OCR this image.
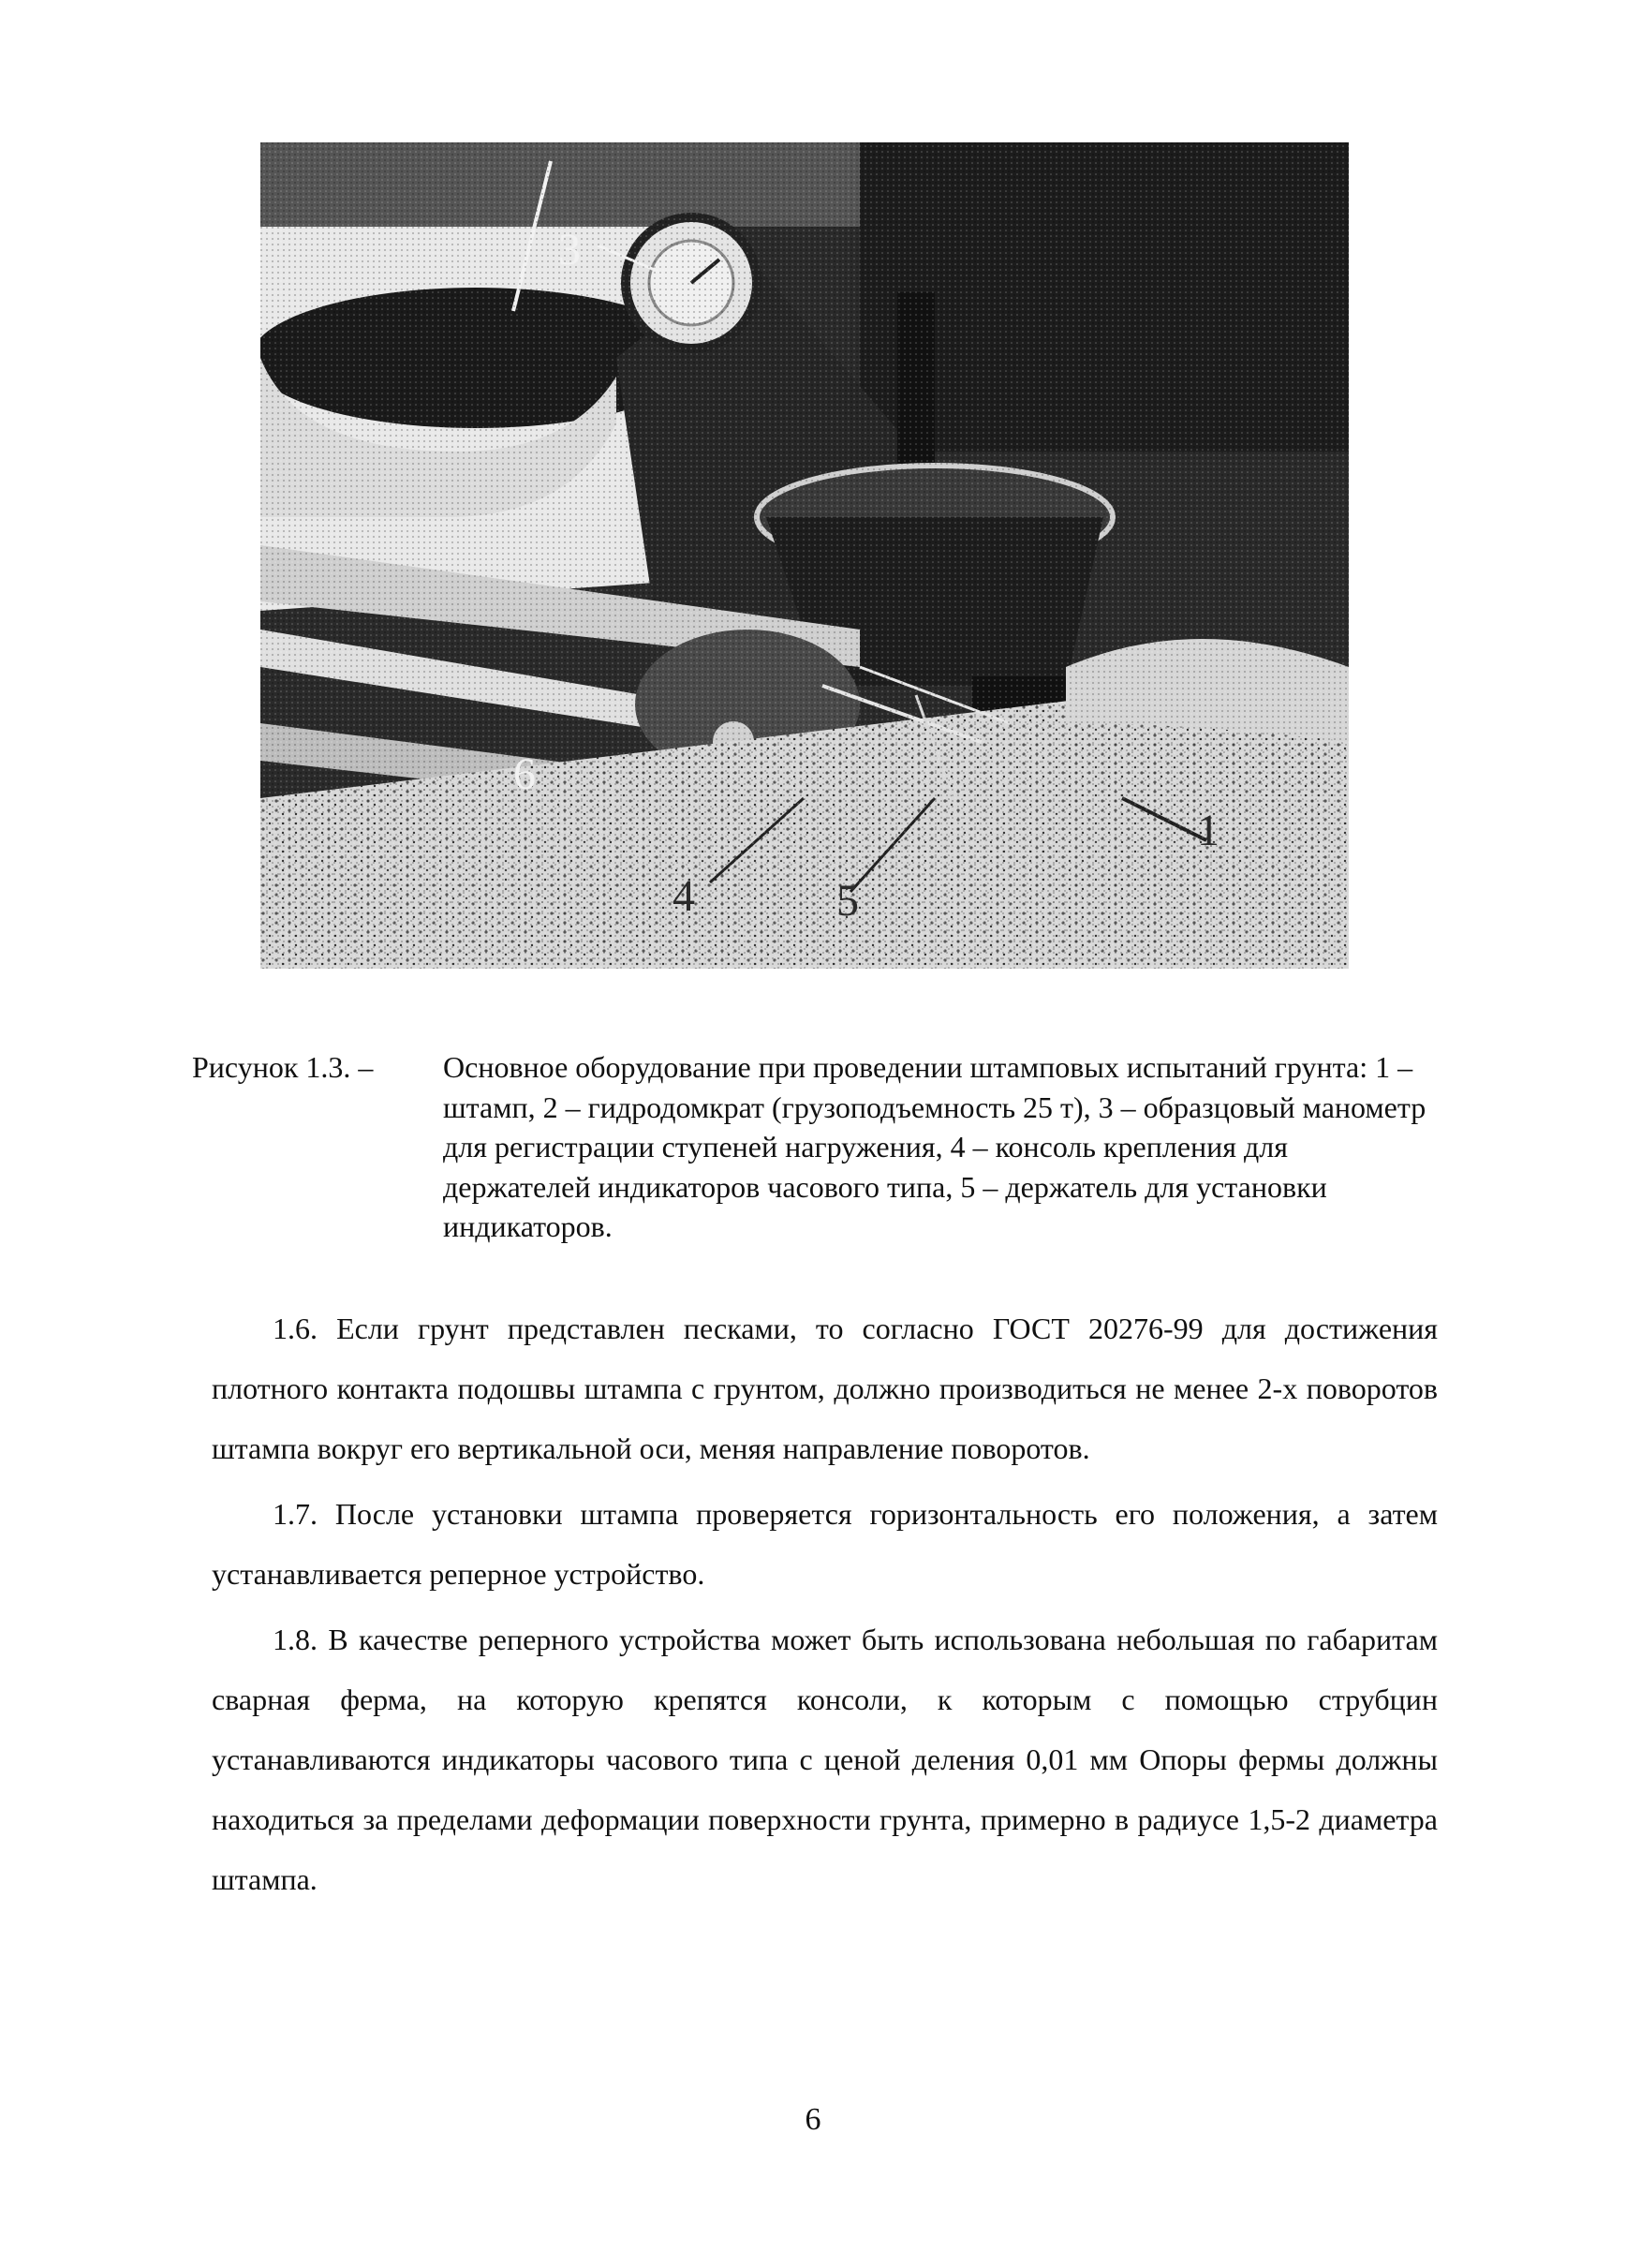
3
1
4	5
6
Рисунок 1.3. –	Основное оборудование при проведении штамповых испытаний грунта: 1 – штамп, 2 – гидродомкрат (грузоподъемность 25 т), 3 – образцовый манометр для регистрации ступеней нагружения, 4 – консоль крепления для держателей индикаторов часового типа, 5 – держатель для установки индикаторов.

1.6. Если грунт представлен песками, то согласно ГОСТ 20276-99 для достижения плотного контакта подошвы штампа с грунтом, должно производиться не менее 2-х поворотов штампа вокруг его вертикальной оси, меняя направление поворотов.

1.7. После установки штампа проверяется горизонтальность его положения, а затем устанавливается реперное устройство.

1.8. В качестве реперного устройства может быть использована небольшая по габаритам сварная ферма, на которую крепятся консоли, к которым с помощью струбцин устанавливаются индикаторы часового типа с ценой деления 0,01 мм Опоры фермы должны находиться за пределами деформации поверхности грунта, примерно в радиусе 1,5-2 диаметра штампа.

6
